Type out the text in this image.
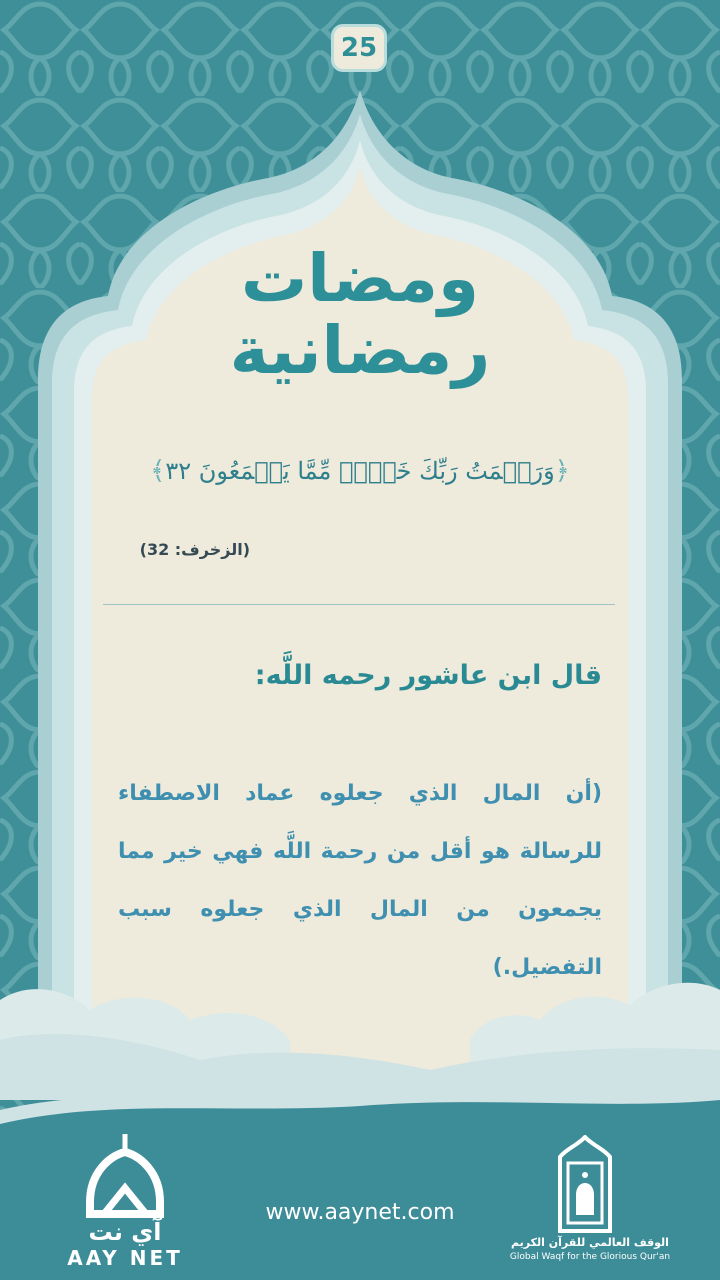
25
ومضات
رمضانية
﴿وَرَحۡمَتُ رَبِّكَ خَيۡرٞ مِّمَّا يَجۡمَعُونَ ٣٢﴾
(الزخرف: 32)
قال ابن عاشور رحمه اللَّه:
(أن المال الذي جعلوه عماد الاصطفاء للرسالة هو أقل من رحمة اللَّه فهي خير مما يجمعون من المال الذي جعلوه سبب التفضيل.)
آي نت
AAY NET
www.aaynet.com
الوقف العالمي للقرآن الكريم
Global Waqf for the Glorious Qur'an
